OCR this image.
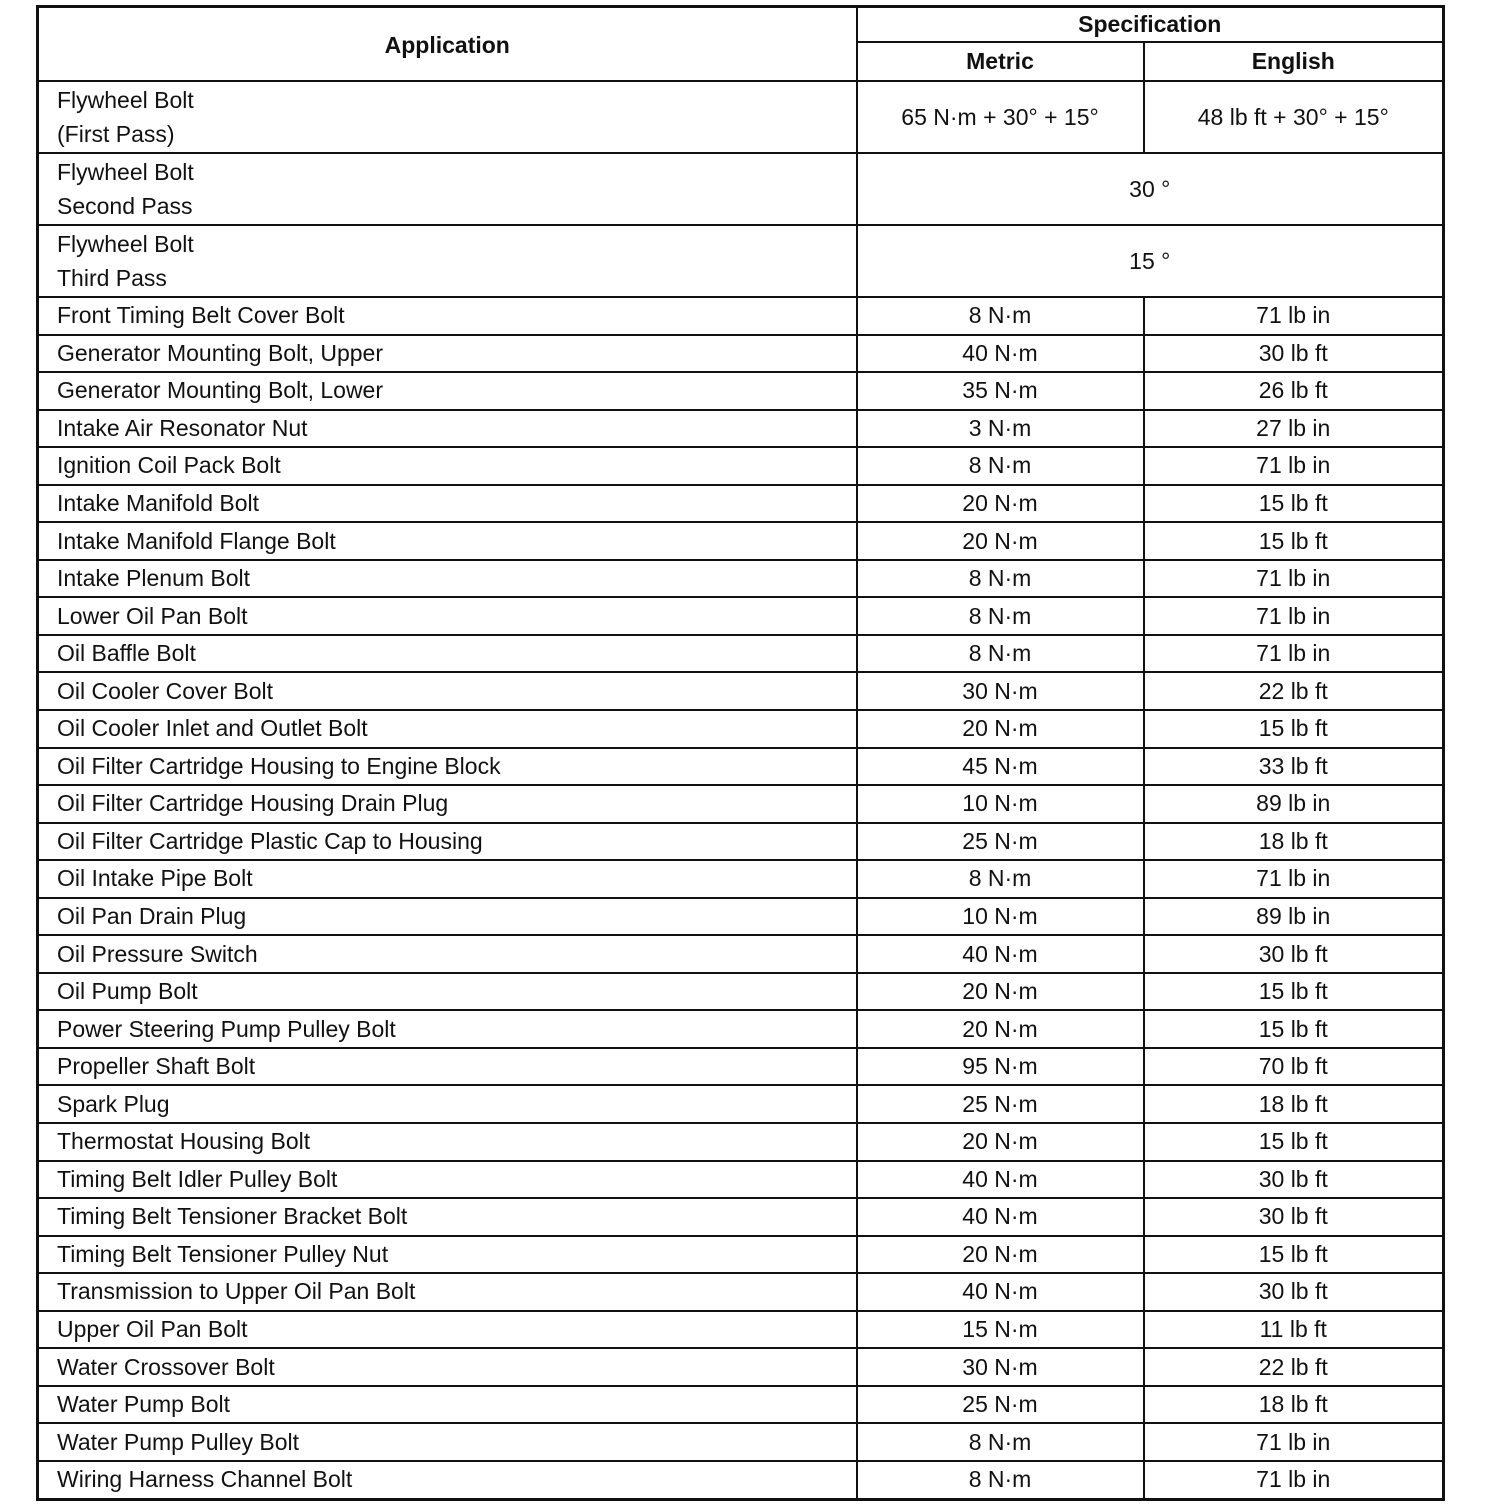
Application	Specification	
	Metric	English

Flywheel Bolt
(First Pass)	65 N·m + 30° + 15°	48 lb ft + 30° + 15°

Flywheel Bolt
Second Pass	30 °	

Flywheel Bolt
Third Pass	15 °	
Front Timing Belt Cover Bolt	8 N·m	71 lb in
Generator Mounting Bolt, Upper	40 N·m	30 lb ft
Generator Mounting Bolt, Lower	35 N·m	26 lb ft
Intake Air Resonator Nut	3 N·m	27 lb in
Ignition Coil Pack Bolt	8 N·m	71 lb in
Intake Manifold Bolt	20 N·m	15 lb ft
Intake Manifold Flange Bolt	20 N·m	15 lb ft
Intake Plenum Bolt	8 N·m	71 lb in
Lower Oil Pan Bolt	8 N·m	71 lb in
Oil Baffle Bolt	8 N·m	71 lb in
Oil Cooler Cover Bolt	30 N·m	22 lb ft
Oil Cooler Inlet and Outlet Bolt	20 N·m	15 lb ft
Oil Filter Cartridge Housing to Engine Block	45 N·m	33 lb ft
Oil Filter Cartridge Housing Drain Plug	10 N·m	89 lb in
Oil Filter Cartridge Plastic Cap to Housing	25 N·m	18 lb ft
Oil Intake Pipe Bolt	8 N·m	71 lb in
Oil Pan Drain Plug	10 N·m	89 lb in
Oil Pressure Switch	40 N·m	30 lb ft
Oil Pump Bolt	20 N·m	15 lb ft
Power Steering Pump Pulley Bolt	20 N·m	15 lb ft
Propeller Shaft Bolt	95 N·m	70 lb ft
Spark Plug	25 N·m	18 lb ft
Thermostat Housing Bolt	20 N·m	15 lb ft
Timing Belt Idler Pulley Bolt	40 N·m	30 lb ft
Timing Belt Tensioner Bracket Bolt	40 N·m	30 lb ft
Timing Belt Tensioner Pulley Nut	20 N·m	15 lb ft
Transmission to Upper Oil Pan Bolt	40 N·m	30 lb ft
Upper Oil Pan Bolt	15 N·m	11 lb ft
Water Crossover Bolt	30 N·m	22 lb ft
Water Pump Bolt	25 N·m	18 lb ft
Water Pump Pulley Bolt	8 N·m	71 lb in
Wiring Harness Channel Bolt	8 N·m	71 lb in
